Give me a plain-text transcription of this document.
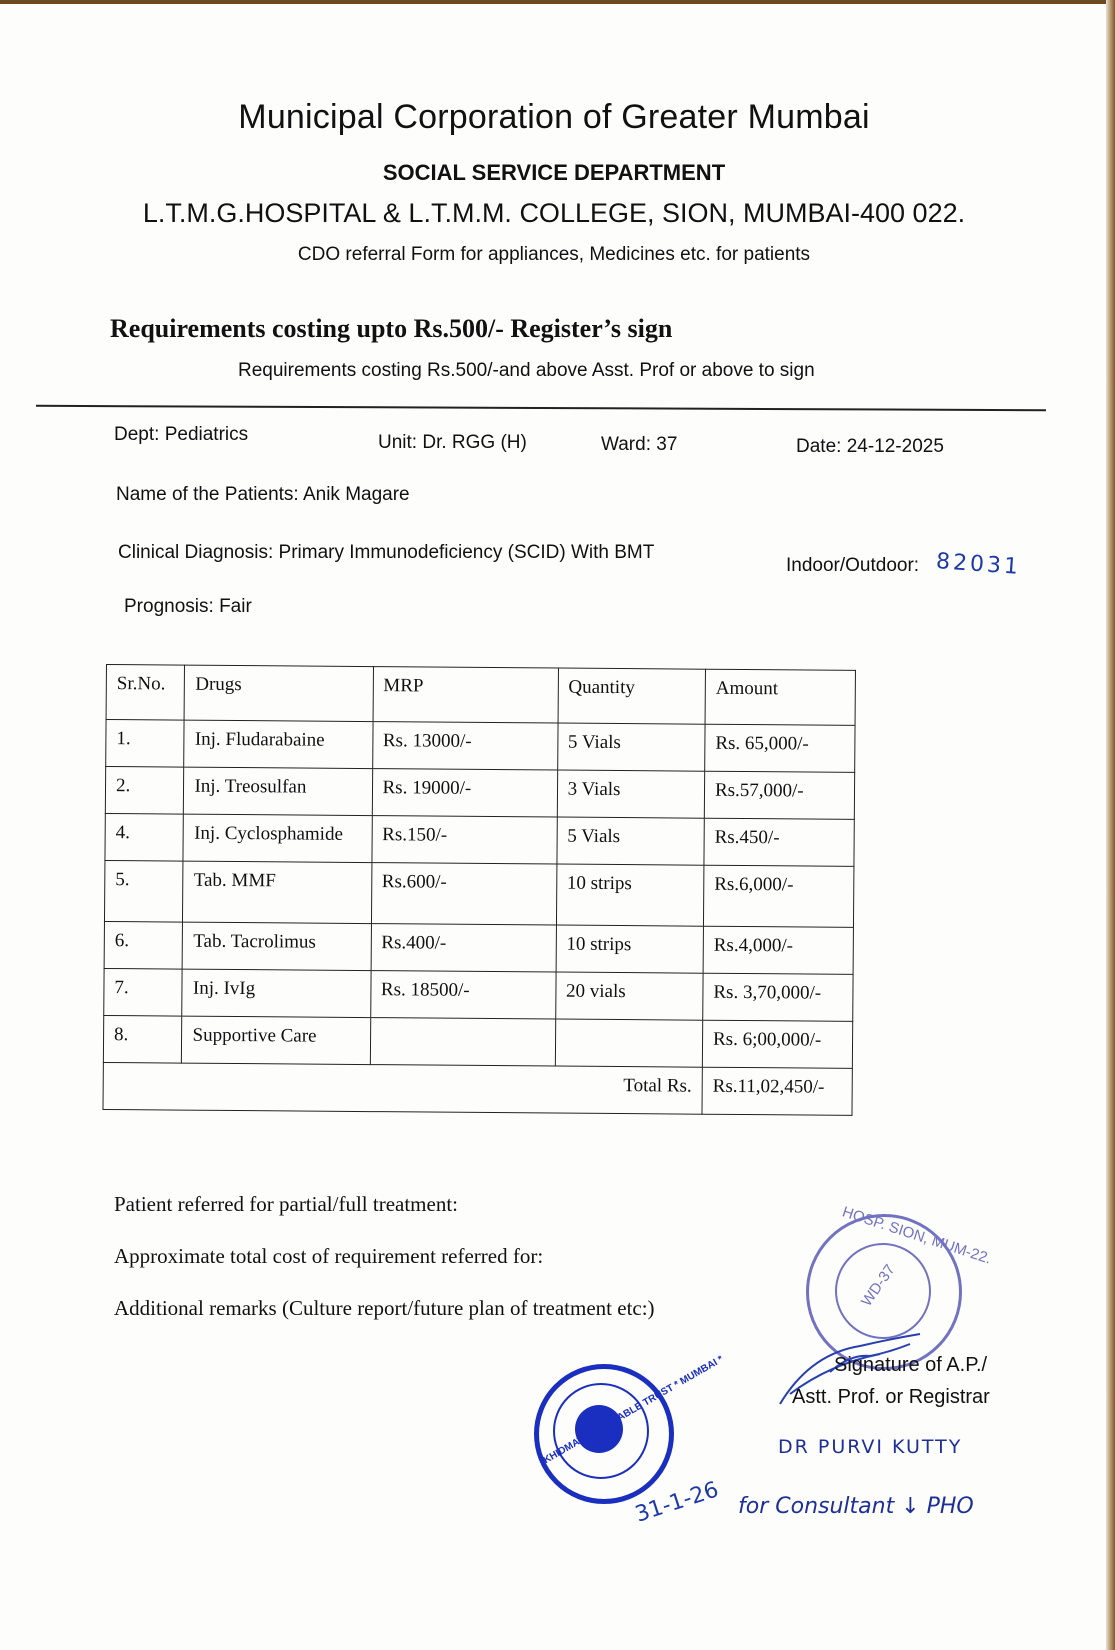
Municipal Corporation of Greater Mumbai
SOCIAL SERVICE DEPARTMENT
L.T.M.G.HOSPITAL & L.T.M.M. COLLEGE, SION, MUMBAI-400 022.
CDO referral Form for appliances, Medicines etc. for patients
Requirements costing upto Rs.500/- Register’s sign
Requirements costing Rs.500/-and above Asst. Prof or above to sign
Dept: Pediatrics	Unit: Dr. RGG (H)	Ward: 37	Date: 24-12-2025
Name of the Patients: Anik Magare
Clinical Diagnosis: Primary Immunodeficiency (SCID) With BMT
Indoor/Outdoor: 82031
Prognosis: Fair
Sr.No.	Drugs	MRP	Quantity	Amount
1.	Inj. Fludarabaine	Rs. 13000/-	5 Vials	Rs. 65,000/-
2.	Inj. Treosulfan	Rs. 19000/-	3 Vials	Rs.57,000/-
4.	Inj. Cyclosphamide	Rs.150/-	5 Vials	Rs.450/-
5.	Tab. MMF	Rs.600/-	10 strips	Rs.6,000/-
6.	Tab. Tacrolimus	Rs.400/-	10 strips	Rs.4,000/-
7.	Inj. IvIg	Rs. 18500/-	20 vials	Rs. 3,70,000/-
8.	Supportive Care			Rs. 6;00,000/-
Total Rs.				Rs.11,02,450/-
Patient referred for partial/full treatment:
Approximate total cost of requirement referred for:
Additional remarks (Culture report/future plan of treatment etc:)
HOSP. SION, MUM-22.
WD-37
Signature of A.P./
Astt. Prof. or Registrar
DR PURVI KUTTY
KHIDMAT CHARITABLE TRUST * MUMBAI *
31-1-26 for Consultant ↓ PHO
